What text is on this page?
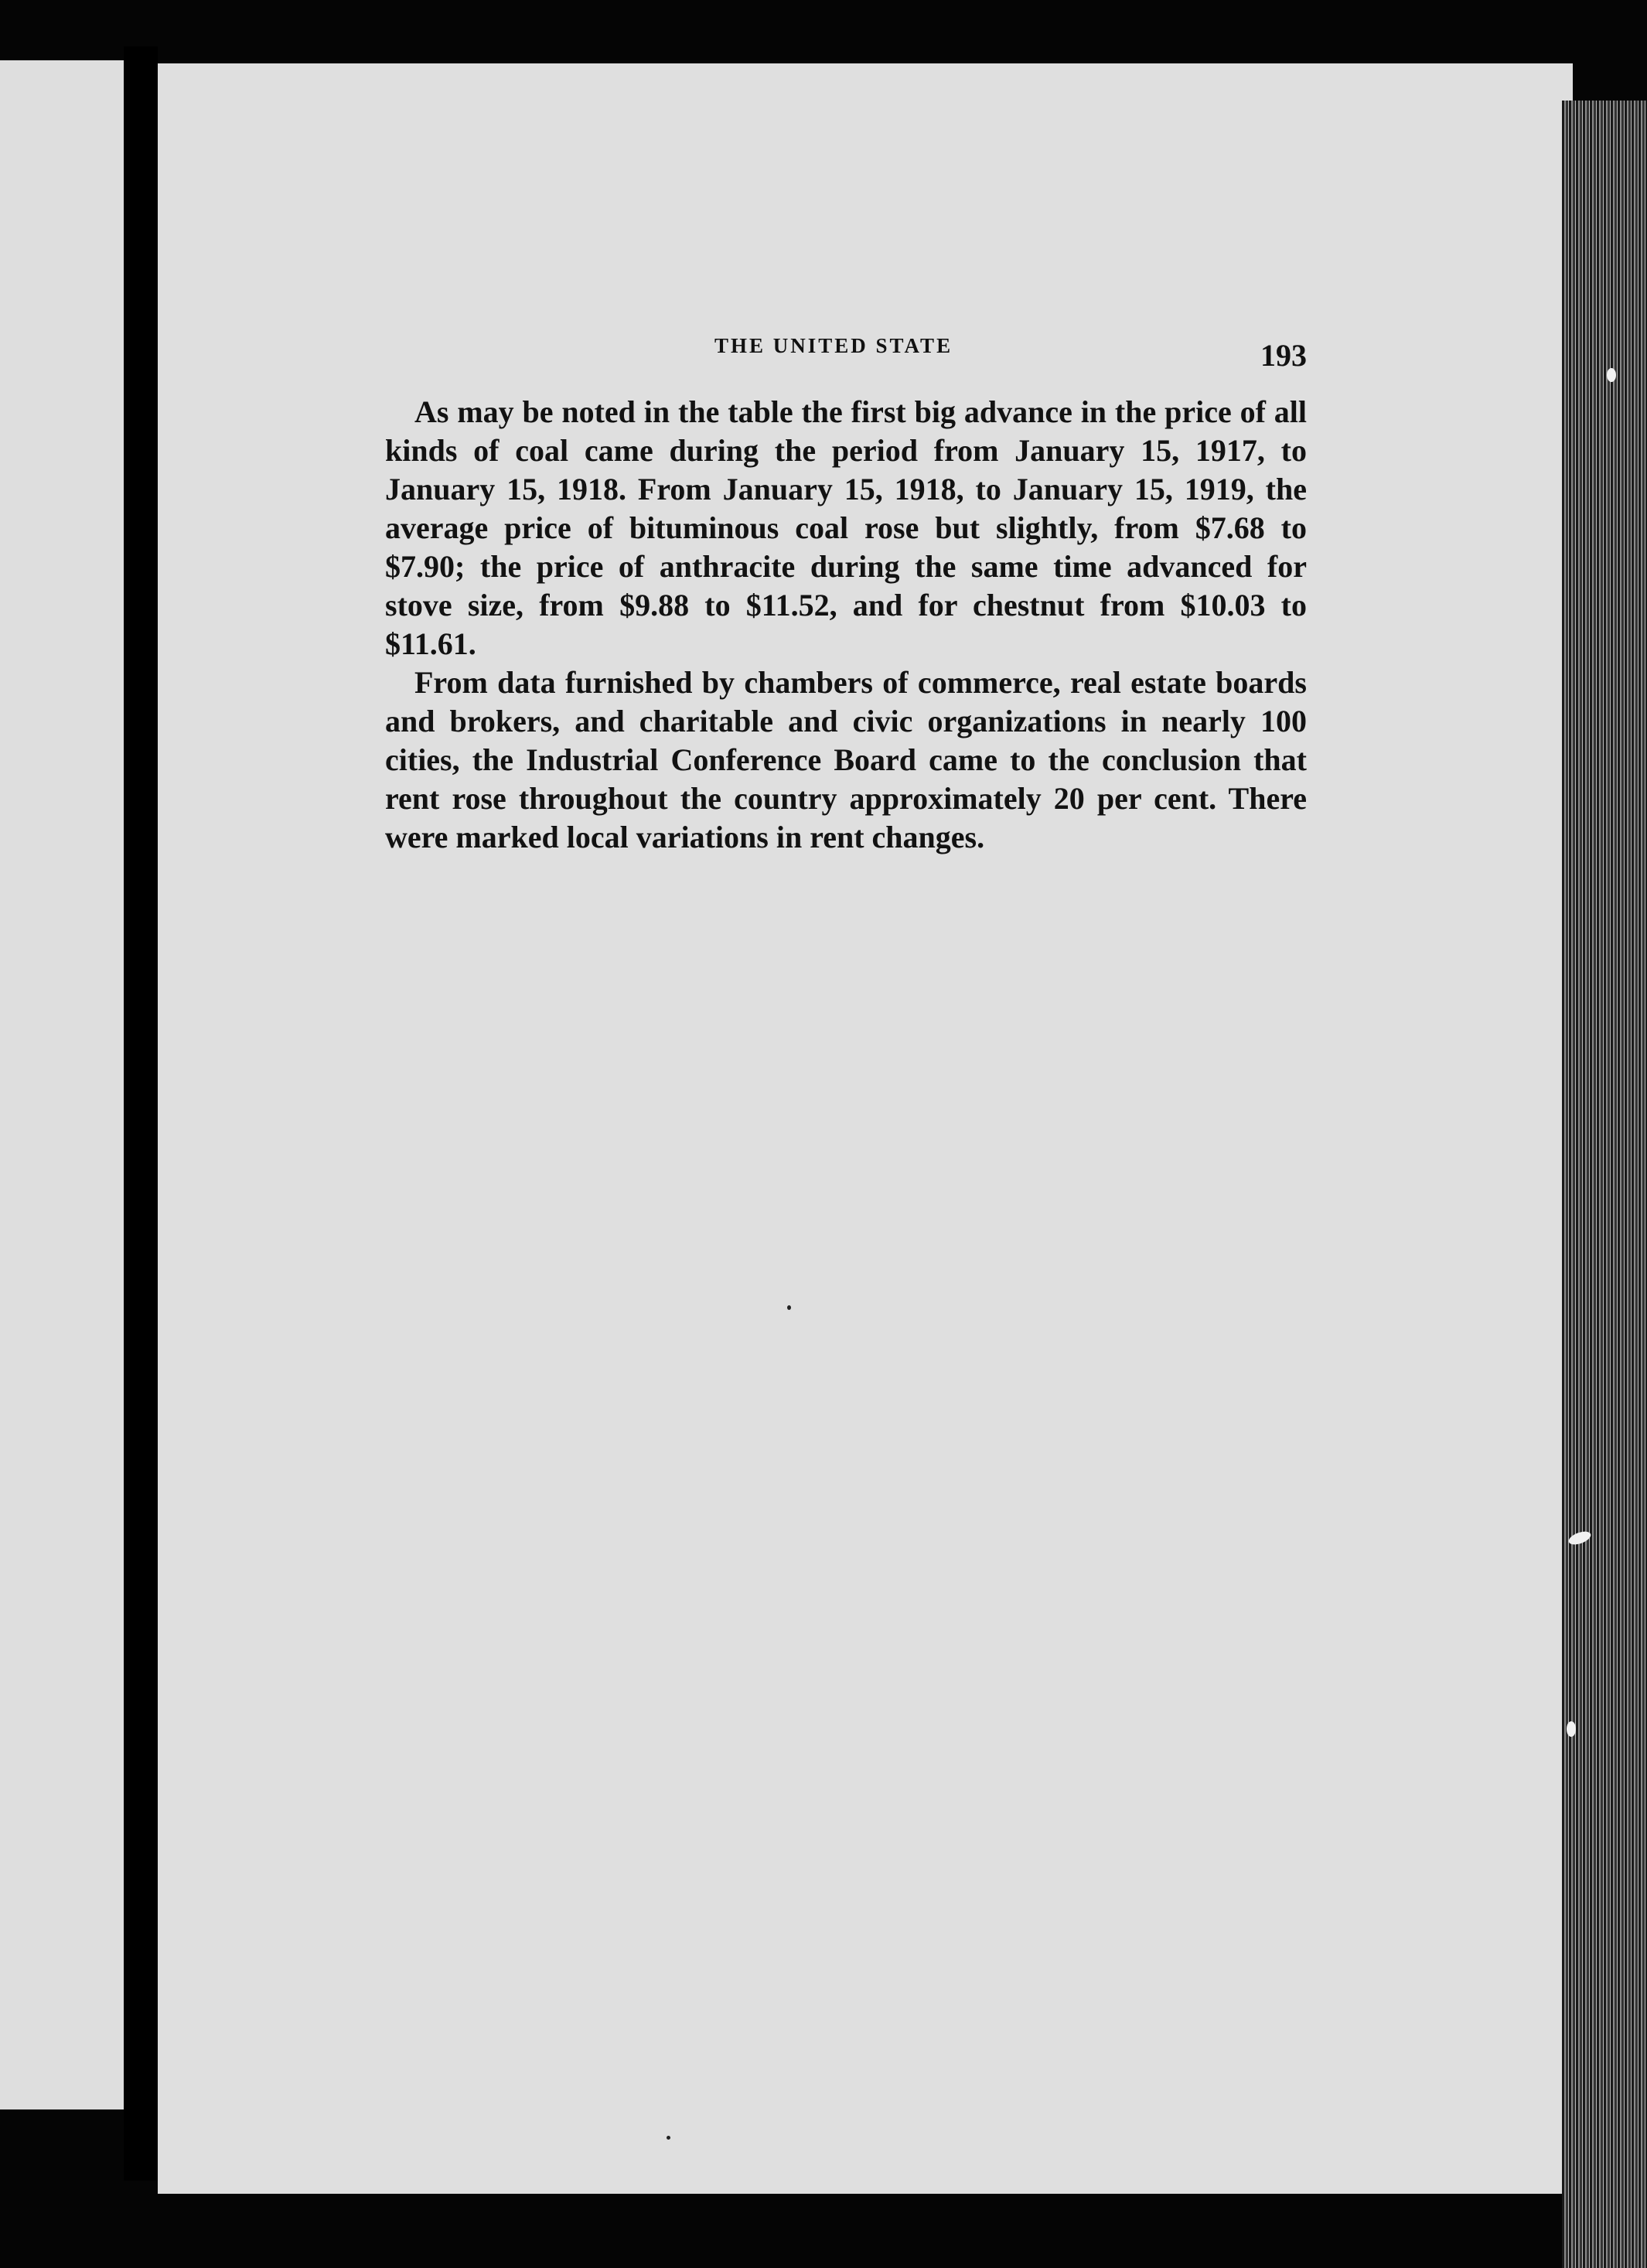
THE UNITED STATE	193

As may be noted in the table the first big advance in the price of all kinds of coal came during the period from January 15, 1917, to January 15, 1918. From January 15, 1918, to January 15, 1919, the average price of bituminous coal rose but slightly, from $7.68 to $7.90; the price of anthracite during the same time advanced for stove size, from $9.88 to $11.52, and for chestnut from $10.03 to $11.61.

From data furnished by chambers of commerce, real estate boards and brokers, and charitable and civic organizations in nearly 100 cities, the Industrial Conference Board came to the conclusion that rent rose throughout the country approximately 20 per cent. There were marked local variations in rent changes.
